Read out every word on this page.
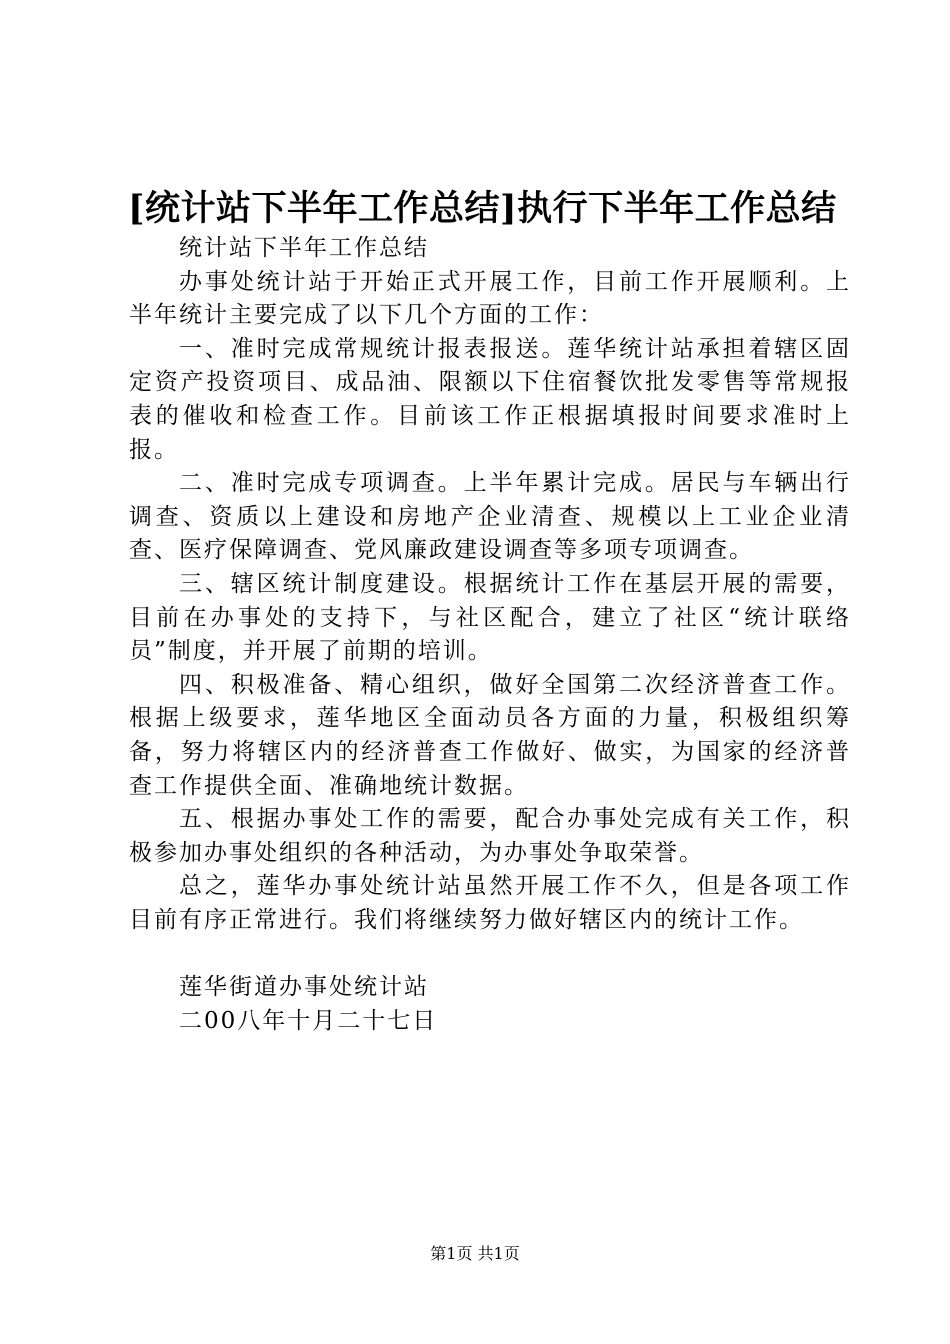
[统计站下半年工作总结]执行下半年工作总结

统计站下半年工作总结

办事处统计站于开始正式开展工作，目前工作开展顺利。上半年统计主要完成了以下几个方面的工作：

一、准时完成常规统计报表报送。莲华统计站承担着辖区固定资产投资项目、成品油、限额以下住宿餐饮批发零售等常规报表的催收和检查工作。目前该工作正根据填报时间要求准时上报。

二、准时完成专项调查。上半年累计完成。居民与车辆出行调查、资质以上建设和房地产企业清查、规模以上工业企业清查、医疗保障调查、党风廉政建设调查等多项专项调查。

三、辖区统计制度建设。根据统计工作在基层开展的需要，目前在办事处的支持下，与社区配合，建立了社区“统计联络员”制度，并开展了前期的培训。

四、积极准备、精心组织，做好全国第二次经济普查工作。根据上级要求，莲华地区全面动员各方面的力量，积极组织筹备，努力将辖区内的经济普查工作做好、做实，为国家的经济普查工作提供全面、准确地统计数据。

五、根据办事处工作的需要，配合办事处完成有关工作，积极参加办事处组织的各种活动，为办事处争取荣誉。

总之，莲华办事处统计站虽然开展工作不久，但是各项工作目前有序正常进行。我们将继续努力做好辖区内的统计工作。

莲华街道办事处统计站

二00八年十月二十七日

第1页 共1页
